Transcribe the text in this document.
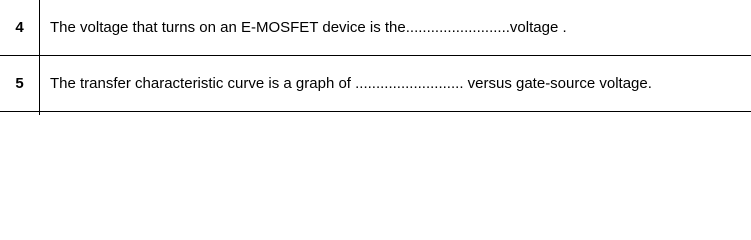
4	The voltage that turns on an E-MOSFET device is the.........................voltage .
5	The transfer characteristic curve is a graph of .......................... versus gate-source voltage.
